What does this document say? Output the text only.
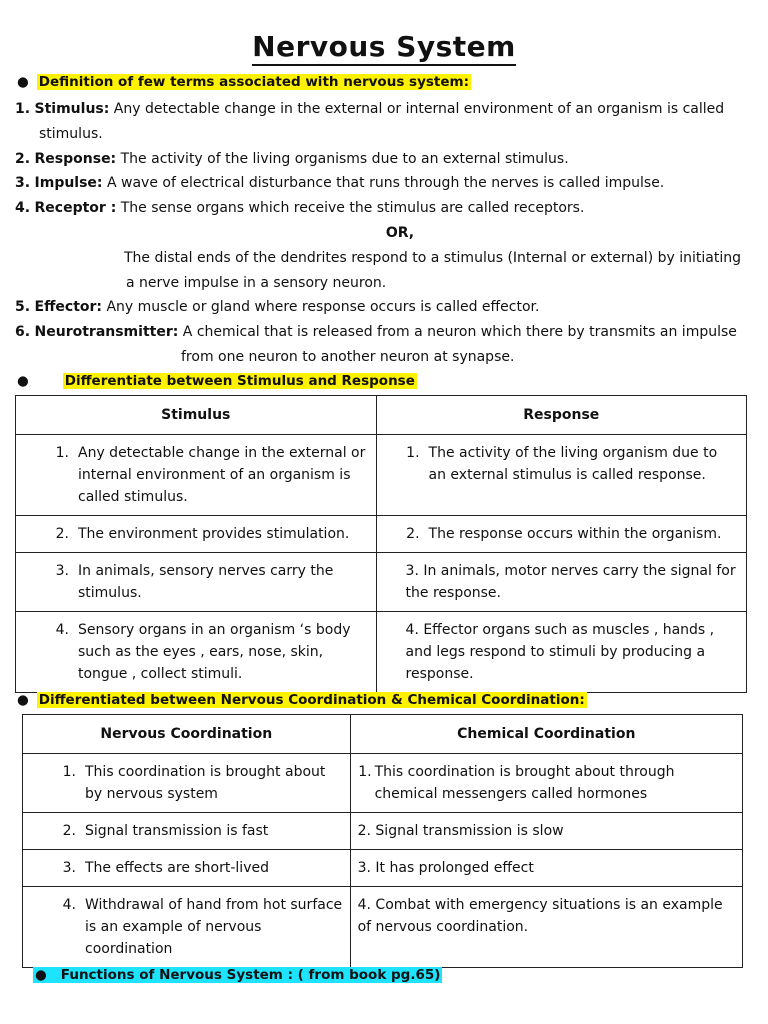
Nervous System
● Definition of few terms associated with nervous system:
1. Stimulus: Any detectable change in the external or internal environment of an organism is called
stimulus.
2. Response: The activity of the living organisms due to an external stimulus.
3. Impulse: A wave of electrical disturbance that runs through the nerves is called impulse.
4. Receptor : The sense organs which receive the stimulus are called receptors.
OR,
The distal ends of the dendrites respond to a stimulus (Internal or external) by initiating
a nerve impulse in a sensory neuron.
5. Effector: Any muscle or gland where response occurs is called effector.
6. Neurotransmitter: A chemical that is released from a neuron which there by transmits an impulse
from one neuron to another neuron at synapse.
●	Differentiate between Stimulus and Response
Stimulus	Response

1. Any detectable change in the external or internal environment of an organism is called stimulus.	1. The activity of the living organism due to an external stimulus is called response.

2. The environment provides stimulation.	2. The response occurs within the organism.

3. In animals, sensory nerves carry the stimulus.	3. In animals, motor nerves carry the signal for the response.

4. Sensory organs in an organism ‘s body such as the eyes , ears, nose, skin, tongue , collect stimuli.	4. Effector organs such as muscles , hands , and legs respond to stimuli by producing a response.
● Differentiated between Nervous Coordination & Chemical Coordination:
Nervous Coordination	Chemical Coordination

1. This coordination is brought about by nervous system	1. This coordination is brought about through chemical messengers called hormones

2. Signal transmission is fast	2. Signal transmission is slow

3. The effects are short-lived	3. It has prolonged effect

4. Withdrawal of hand from hot surface is an example of nervous coordination	4. Combat with emergency situations is an example of nervous coordination.
● Functions of Nervous System : ( from book pg.65)
